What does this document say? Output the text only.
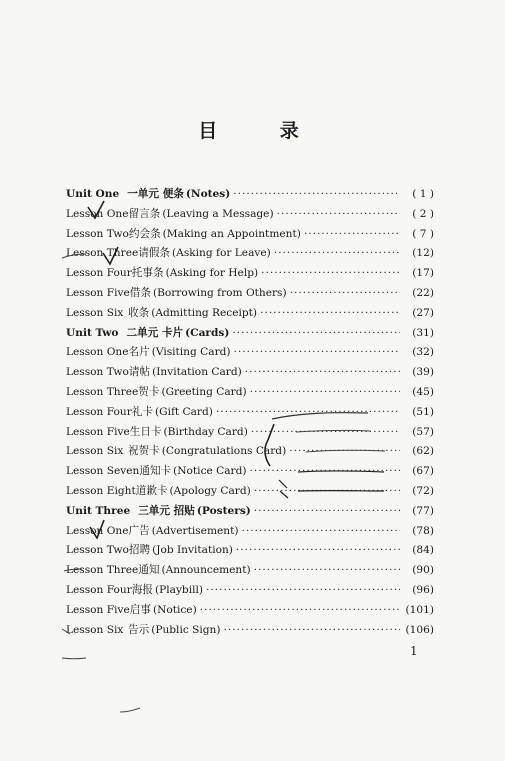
目 录
Unit One 一单元 便条 (Notes) ·····	( 1 )
Lesson One 留言条 (Leaving a Message) ·····	( 2 )
Lesson Two 约会条 (Making an Appointment) ·····	( 7 )
Lesson Three 请假条 (Asking for Leave) ·····	(12)
Lesson Four 托事条 (Asking for Help) ·····	(17)
Lesson Five 借条 (Borrowing from Others) ·····	(22)
Lesson Six 收条 (Admitting Receipt) ·····	(27)
Unit Two 二单元 卡片 (Cards) ·····	(31)
Lesson One 名片 (Visiting Card) ·····	(32)
Lesson Two 请帖 (Invitation Card) ·····	(39)
Lesson Three 贺卡 (Greeting Card) ·····	(45)
Lesson Four 礼卡 (Gift Card) ·····	(51)
Lesson Five 生日卡 (Birthday Card) ·····	(57)
Lesson Six 祝贺卡 (Congratulations Card) ·····	(62)
Lesson Seven 通知卡 (Notice Card) ·····	(67)
Lesson Eight 道歉卡 (Apology Card) ·····	(72)
Unit Three 三单元 招贴 (Posters) ·····	(77)
Lesson One 广告 (Advertisement) ·····	(78)
Lesson Two 招聘 (Job Invitation) ·····	(84)
Lesson Three 通知 (Announcement) ·····	(90)
Lesson Four 海报 (Playbill) ·····	(96)
Lesson Five 启事 (Notice) ·····	(101)
Lesson Six 告示 (Public Sign) ·····	(106)
1
